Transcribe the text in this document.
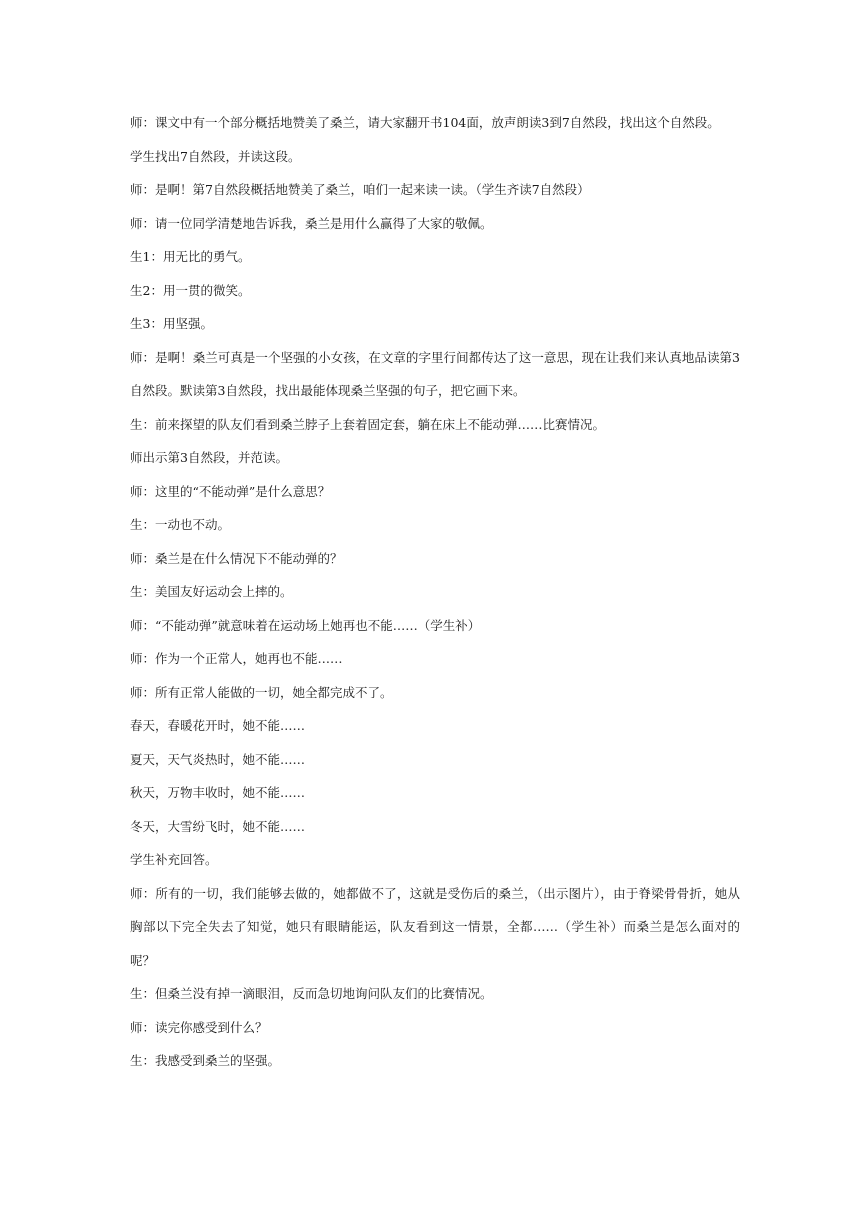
师：课文中有一个部分概括地赞美了桑兰，请大家翻开书104面，放声朗读3到7自然段，找出这个自然段。

学生找出7自然段，并读这段。

师：是啊！第7自然段概括地赞美了桑兰，咱们一起来读一读。（学生齐读7自然段）

师：请一位同学清楚地告诉我，桑兰是用什么赢得了大家的敬佩。

生1：用无比的勇气。

生2：用一贯的微笑。

生3：用坚强。

师：是啊！桑兰可真是一个坚强的小女孩，在文章的字里行间都传达了这一意思，现在让我们来认真地品读第3自然段。默读第3自然段，找出最能体现桑兰坚强的句子，把它画下来。

生：前来探望的队友们看到桑兰脖子上套着固定套，躺在床上不能动弹……比赛情况。

师出示第3自然段，并范读。

师：这里的“不能动弹”是什么意思？

生：一动也不动。

师：桑兰是在什么情况下不能动弹的？

生：美国友好运动会上摔的。

师：“不能动弹”就意味着在运动场上她再也不能……（学生补）

师：作为一个正常人，她再也不能……

师：所有正常人能做的一切，她全都完成不了。

春天，春暖花开时，她不能……

夏天，天气炎热时，她不能……

秋天，万物丰收时，她不能……

冬天，大雪纷飞时，她不能……

学生补充回答。

师：所有的一切，我们能够去做的，她都做不了，这就是受伤后的桑兰，（出示图片），由于脊梁骨骨折，她从胸部以下完全失去了知觉，她只有眼睛能运，队友看到这一情景，全都……（学生补）而桑兰是怎么面对的呢？

生：但桑兰没有掉一滴眼泪，反而急切地询问队友们的比赛情况。

师：读完你感受到什么？

生：我感受到桑兰的坚强。
